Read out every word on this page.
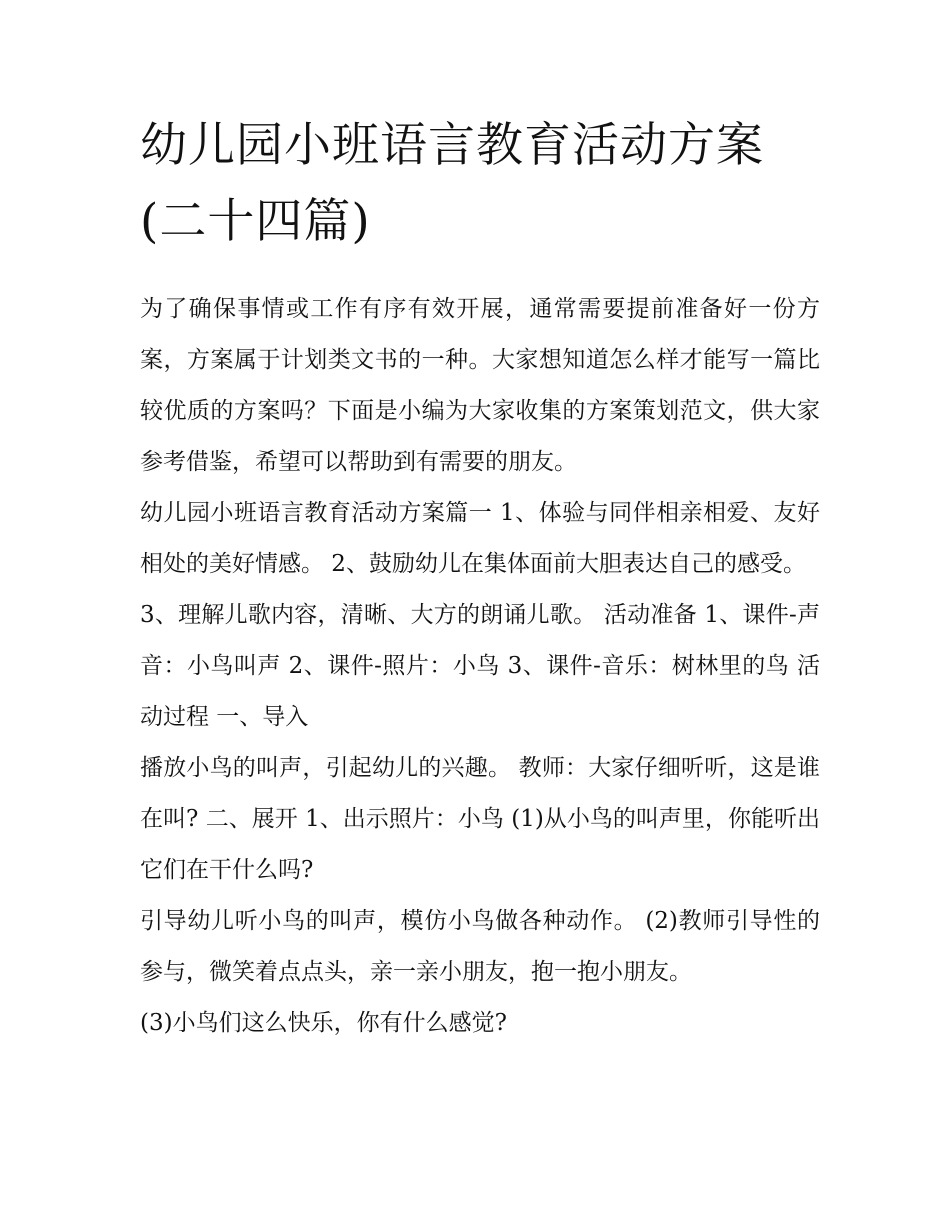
幼儿园小班语言教育活动方案(二十四篇)

为了确保事情或工作有序有效开展，通常需要提前准备好一份方案，方案属于计划类文书的一种。大家想知道怎么样才能写一篇比较优质的方案吗？下面是小编为大家收集的方案策划范文，供大家参考借鉴，希望可以帮助到有需要的朋友。

幼儿园小班语言教育活动方案篇一 1、体验与同伴相亲相爱、友好相处的美好情感。 2、鼓励幼儿在集体面前大胆表达自己的感受。

3、理解儿歌内容，清晰、大方的朗诵儿歌。 活动准备 1、课件-声音：小鸟叫声 2、课件-照片：小鸟 3、课件-音乐：树林里的鸟 活动过程 一、导入

播放小鸟的叫声，引起幼儿的兴趣。 教师：大家仔细听听，这是谁在叫? 二、展开 1、出示照片：小鸟 (1)从小鸟的叫声里，你能听出它们在干什么吗?

引导幼儿听小鸟的叫声，模仿小鸟做各种动作。 (2)教师引导性的参与，微笑着点点头，亲一亲小朋友，抱一抱小朋友。

(3)小鸟们这么快乐，你有什么感觉?
